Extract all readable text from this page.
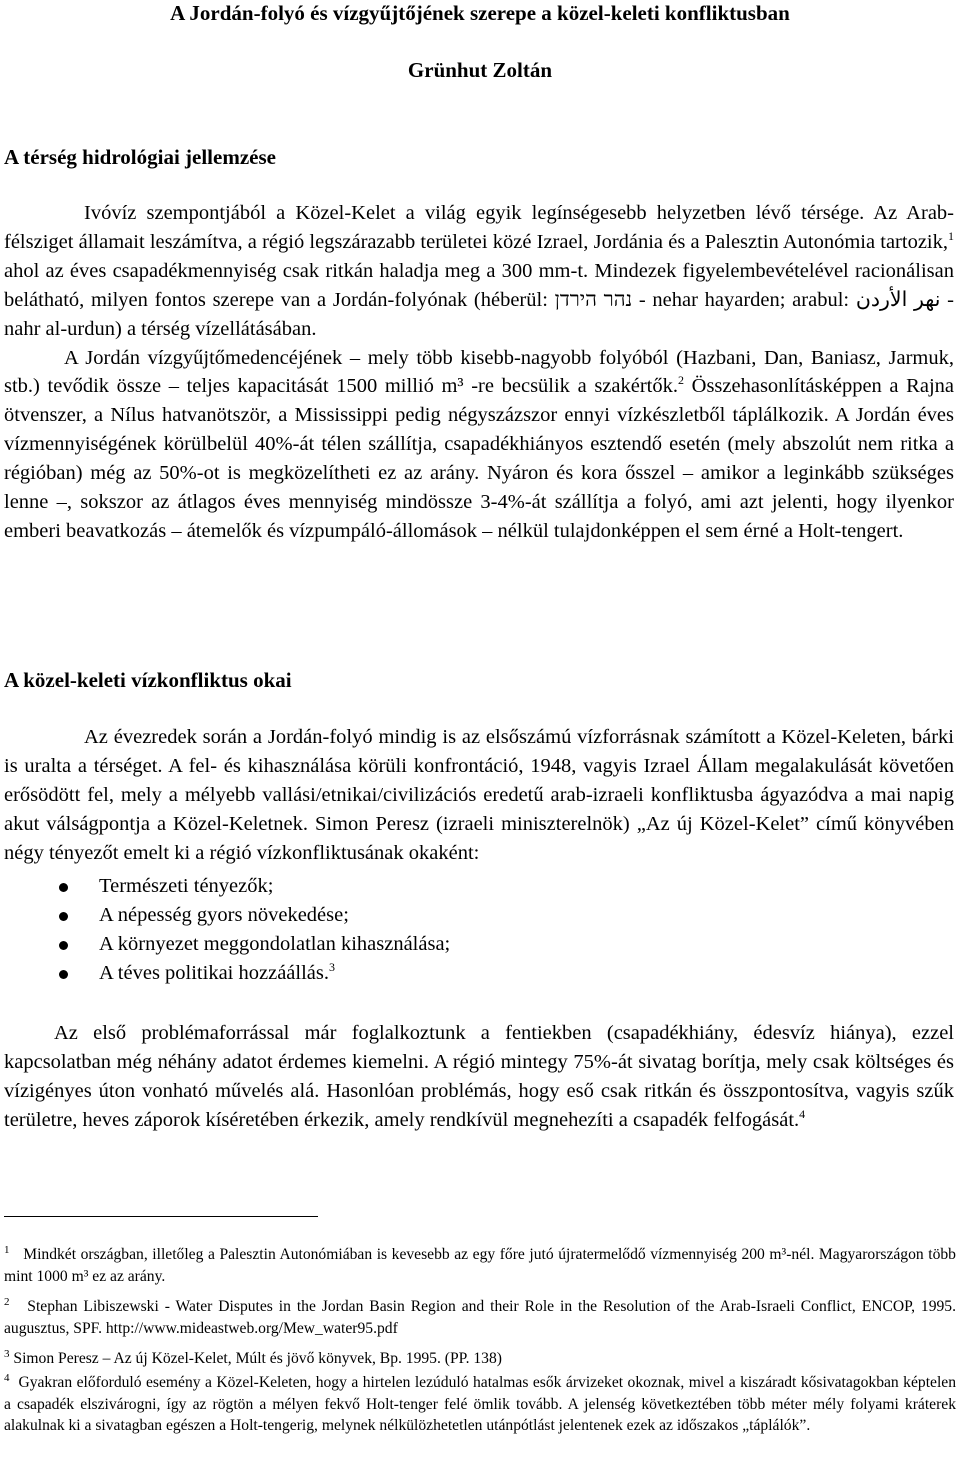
A Jordán-folyó és vízgyűjtőjének szerepe a közel-keleti konfliktusban
Grünhut Zoltán
A térség hidrológiai jellemzése

Ivóvíz szempontjából a Közel-Kelet a világ egyik legínségesebb helyzetben lévő térsége. Az Arab-félsziget államait leszámítva, a régió legszárazabb területei közé Izrael, Jordánia és a Palesztin Autonómia tartozik,$^1$ ahol az éves csapadékmennyiség csak ritkán haladja meg a 300 mm-t. Mindezek figyelembevételével racionálisan belátható, milyen fontos szerepe van a Jordán-folyónak (héberül: נהר הירדן - nehar hayarden; arabul: نهر الأردن - nahr al-urdun) a térség vízellátásában.

A Jordán vízgyűjtőmedencéjének – mely több kisebb-nagyobb folyóból (Hazbani, Dan, Baniasz, Jarmuk, stb.) tevődik össze – teljes kapacitását 1500 millió m³ -re becsülik a szakértők.$^2$ Összehasonlításképpen a Rajna ötvenszer, a Nílus hatvanötször, a Mississippi pedig négyszázszor ennyi vízkészletből táplálkozik. A Jordán éves vízmennyiségének körülbelül 40%-át télen szállítja, csapadékhiányos esztendő esetén (mely abszolút nem ritka a régióban) még az 50%-ot is megközelítheti ez az arány. Nyáron és kora ősszel – amikor a leginkább szükséges lenne –, sokszor az átlagos éves mennyiség mindössze 3-4%-át szállítja a folyó, ami azt jelenti, hogy ilyenkor emberi beavatkozás – átemelők és vízpumpáló-állomások – nélkül tulajdonképpen el sem érné a Holt-tengert.

A közel-keleti vízkonfliktus okai

Az évezredek során a Jordán-folyó mindig is az elsőszámú vízforrásnak számított a Közel-Keleten, bárki is uralta a térséget. A fel- és kihasználása körüli konfrontáció, 1948, vagyis Izrael Állam megalakulását követően erősödött fel, mely a mélyebb vallási/etnikai/civilizációs eredetű arab-izraeli konfliktusba ágyazódva a mai napig akut válságpontja a Közel-Keletnek. Simon Peresz (izraeli miniszterelnök) „Az új Közel-Kelet” című könyvében négy tényezőt emelt ki a régió vízkonfliktusának okaként:

Természeti tényezők;
A népesség gyors növekedése;
A környezet meggondolatlan kihasználása;
A téves politikai hozzáállás.$^3$

Az első problémaforrással már foglalkoztunk a fentiekben (csapadékhiány, édesvíz hiánya), ezzel kapcsolatban még néhány adatot érdemes kiemelni. A régió mintegy 75%-át sivatag borítja, mely csak költséges és vízigényes úton vonható művelés alá. Hasonlóan problémás, hogy eső csak ritkán és összpontosítva, vagyis szűk területre, heves záporok kíséretében érkezik, amely rendkívül megnehezíti a csapadék felfogását.$^4$

$^1$ Mindkét országban, illetőleg a Palesztin Autonómiában is kevesebb az egy főre jutó újratermelődő vízmennyiség 200 m³-nél. Magyarországon több mint 1000 m³ ez az arány.

$^2$ Stephan Libiszewski - Water Disputes in the Jordan Basin Region and their Role in the Resolution of the Arab-Israeli Conflict, ENCOP, 1995. augusztus, SPF. http://www.mideastweb.org/Mew_water95.pdf

$^3$ Simon Peresz – Az új Közel-Kelet, Múlt és jövő könyvek, Bp. 1995. (PP. 138)

$^4$ Gyakran előforduló esemény a Közel-Keleten, hogy a hirtelen lezúduló hatalmas esők árvizeket okoznak, mivel a kiszáradt kősivatagokban képtelen a csapadék elszivárogni, így az rögtön a mélyen fekvő Holt-tenger felé ömlik tovább. A jelenség következtében több méter mély folyami kráterek alakulnak ki a sivatagban egészen a Holt-tengerig, melynek nélkülözhetetlen utánpótlást jelentenek ezek az időszakos „táplálók”.
